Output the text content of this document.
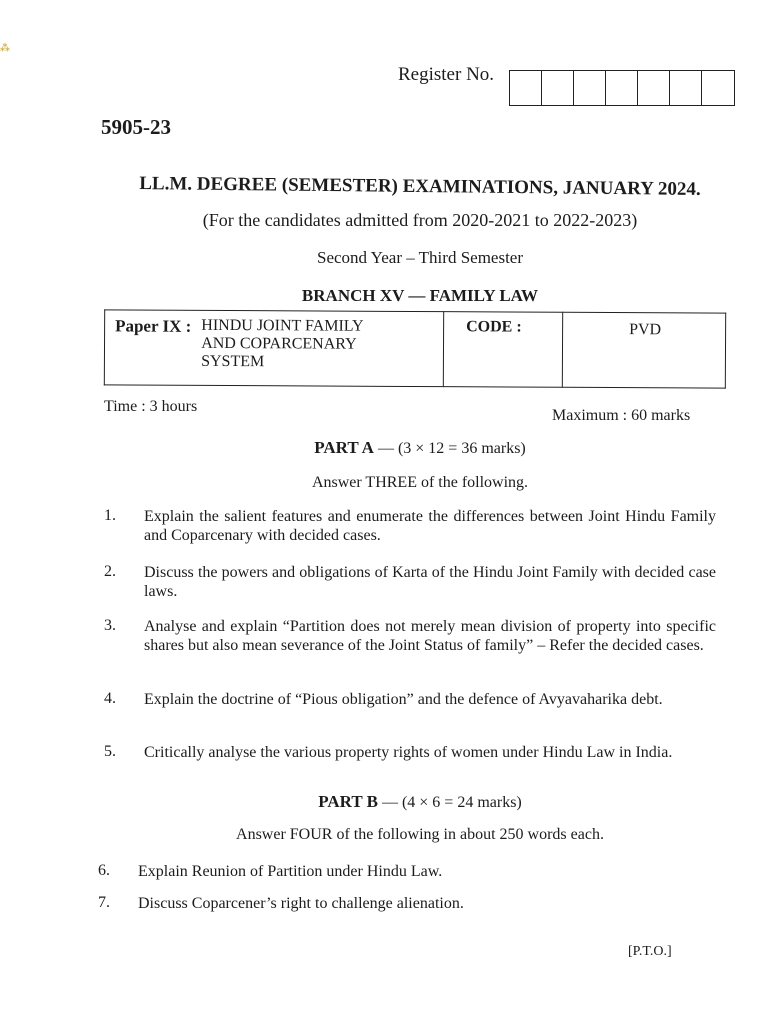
⁂
Register No.
5905-23
LL.M. DEGREE (SEMESTER) EXAMINATIONS, JANUARY 2024.
(For the candidates admitted from 2020-2021 to 2022-2023)
Second Year – Third Semester
BRANCH XV — FAMILY LAW
Paper IX : HINDU JOINT FAMILY
AND COPARCENARY
SYSTEM
	CODE :	PVD
Time : 3 hours
Maximum : 60 marks
PART A — (3 × 12 = 36 marks)
Answer THREE of the following.
1. Explain the salient features and enumerate the differences between Joint Hindu Family and Coparcenary with decided cases.
2. Discuss the powers and obligations of Karta of the Hindu Joint Family with decided case laws.
3. Analyse and explain “Partition does not merely mean division of property into specific shares but also mean severance of the Joint Status of family” – Refer the decided cases.
4. Explain the doctrine of “Pious obligation” and the defence of Avyavaharika debt.
5. Critically analyse the various property rights of women under Hindu Law in India.
PART B — (4 × 6 = 24 marks)
Answer FOUR of the following in about 250 words each.
6. Explain Reunion of Partition under Hindu Law.
7. Discuss Coparcener’s right to challenge alienation.
[P.T.O.]
